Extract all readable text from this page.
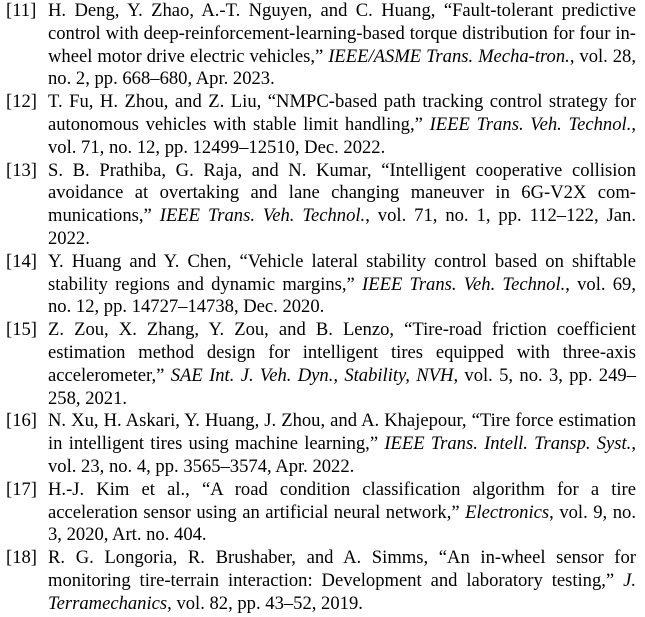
[11] H. Deng, Y. Zhao, A.-T. Nguyen, and C. Huang, “Fault-tolerant predictive control with deep-reinforcement-learning-based torque distribution for four in-wheel motor drive electric vehicles,” IEEE/ASME Trans. Mecha-tron., vol. 28, no. 2, pp. 668–680, Apr. 2023.
[12] T. Fu, H. Zhou, and Z. Liu, “NMPC-based path tracking control strategy for autonomous vehicles with stable limit handling,” IEEE Trans. Veh. Technol., vol. 71, no. 12, pp. 12499–12510, Dec. 2022.
[13] S. B. Prathiba, G. Raja, and N. Kumar, “Intelligent cooperative collision avoidance at overtaking and lane changing maneuver in 6G-V2X com-munications,” IEEE Trans. Veh. Technol., vol. 71, no. 1, pp. 112–122, Jan. 2022.
[14] Y. Huang and Y. Chen, “Vehicle lateral stability control based on shiftable stability regions and dynamic margins,” IEEE Trans. Veh. Technol., vol. 69, no. 12, pp. 14727–14738, Dec. 2020.
[15] Z. Zou, X. Zhang, Y. Zou, and B. Lenzo, “Tire-road friction coefficient estimation method design for intelligent tires equipped with three-axis accelerometer,” SAE Int. J. Veh. Dyn., Stability, NVH, vol. 5, no. 3, pp. 249–258, 2021.
[16] N. Xu, H. Askari, Y. Huang, J. Zhou, and A. Khajepour, “Tire force estimation in intelligent tires using machine learning,” IEEE Trans. Intell. Transp. Syst., vol. 23, no. 4, pp. 3565–3574, Apr. 2022.
[17] H.-J. Kim et al., “A road condition classification algorithm for a tire acceleration sensor using an artificial neural network,” Electronics, vol. 9, no. 3, 2020, Art. no. 404.
[18] R. G. Longoria, R. Brushaber, and A. Simms, “An in-wheel sensor for monitoring tire-terrain interaction: Development and laboratory testing,” J. Terramechanics, vol. 82, pp. 43–52, 2019.
